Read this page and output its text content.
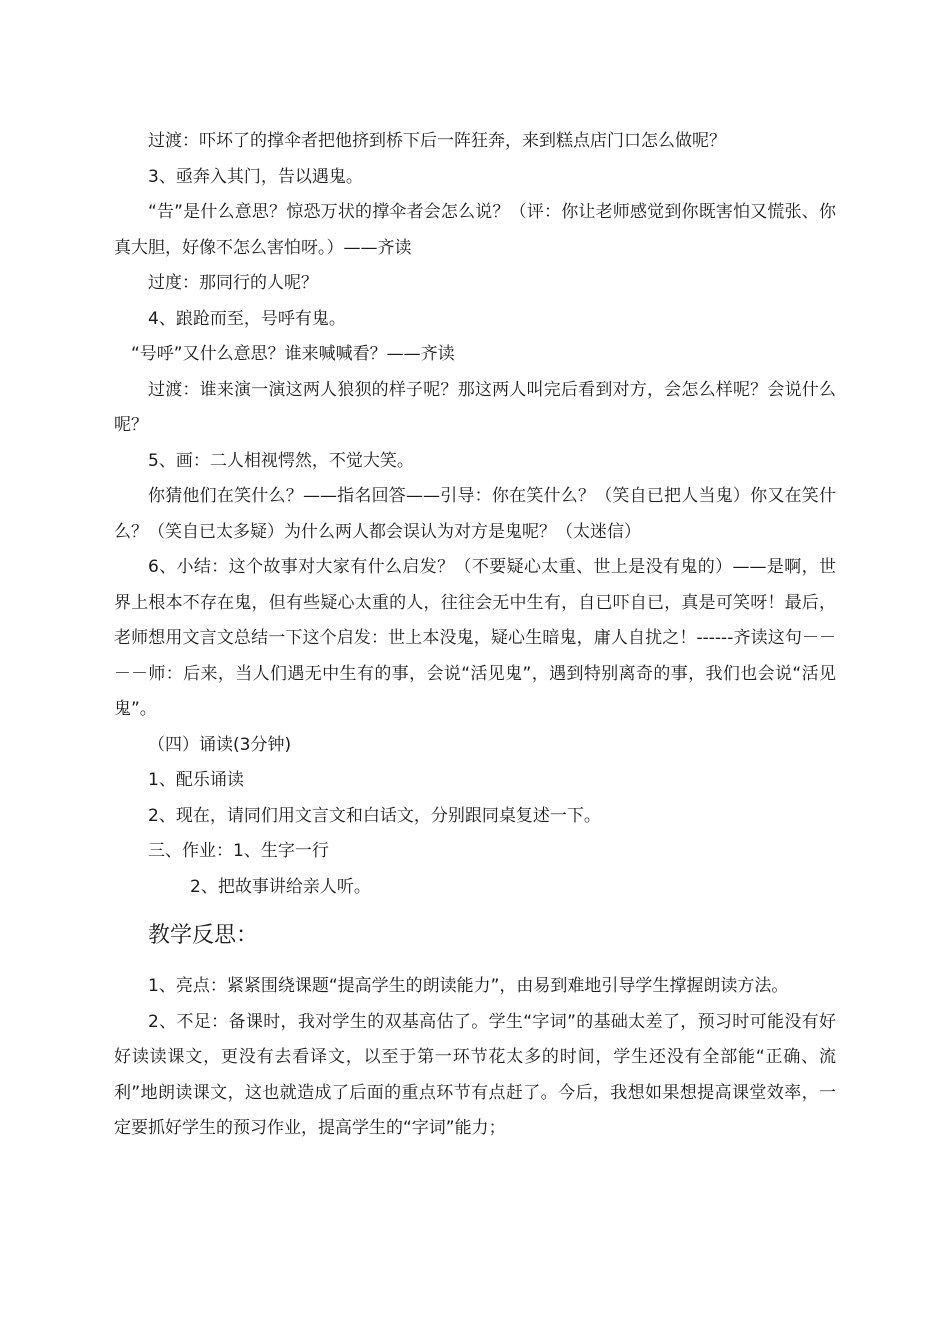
过渡：吓坏了的撑伞者把他挤到桥下后一阵狂奔，来到糕点店门口怎么做呢？

3、亟奔入其门，告以遇鬼。

“告”是什么意思？惊恐万状的撑伞者会怎么说？（评：你让老师感觉到你既害怕又慌张、你真大胆，好像不怎么害怕呀。）——齐读

过度：那同行的人呢？

4、踉跄而至，号呼有鬼。

“号呼”又什么意思？谁来喊喊看？——齐读

过渡：谁来演一演这两人狼狈的样子呢？那这两人叫完后看到对方，会怎么样呢？会说什么呢？

5、画：二人相视愕然，不觉大笑。

你猜他们在笑什么？——指名回答——引导：你在笑什么？（笑自已把人当鬼）你又在笑什么？（笑自已太多疑）为什么两人都会误认为对方是鬼呢？（太迷信）

6、小结：这个故事对大家有什么启发？（不要疑心太重、世上是没有鬼的）——是啊，世界上根本不存在鬼，但有些疑心太重的人，往往会无中生有，自已吓自已，真是可笑呀！最后，老师想用文言文总结一下这个启发：世上本没鬼，疑心生暗鬼，庸人自扰之！------齐读这句－－－－师：后来，当人们遇无中生有的事，会说“活见鬼”，遇到特别离奇的事，我们也会说“活见鬼”。

（四）诵读(3分钟)

1、配乐诵读

2、现在，请同们用文言文和白话文，分别跟同桌复述一下。

三、作业：1、生字一行

2、把故事讲给亲人听。

教学反思：

1、亮点：紧紧围绕课题“提高学生的朗读能力”，由易到难地引导学生撑握朗读方法。

2、不足：备课时，我对学生的双基高估了。学生“字词”的基础太差了，预习时可能没有好好读读课文，更没有去看译文，以至于第一环节花太多的时间，学生还没有全部能“正确、流利”地朗读课文，这也就造成了后面的重点环节有点赶了。今后，我想如果想提高课堂效率，一定要抓好学生的预习作业，提高学生的“字词”能力；
